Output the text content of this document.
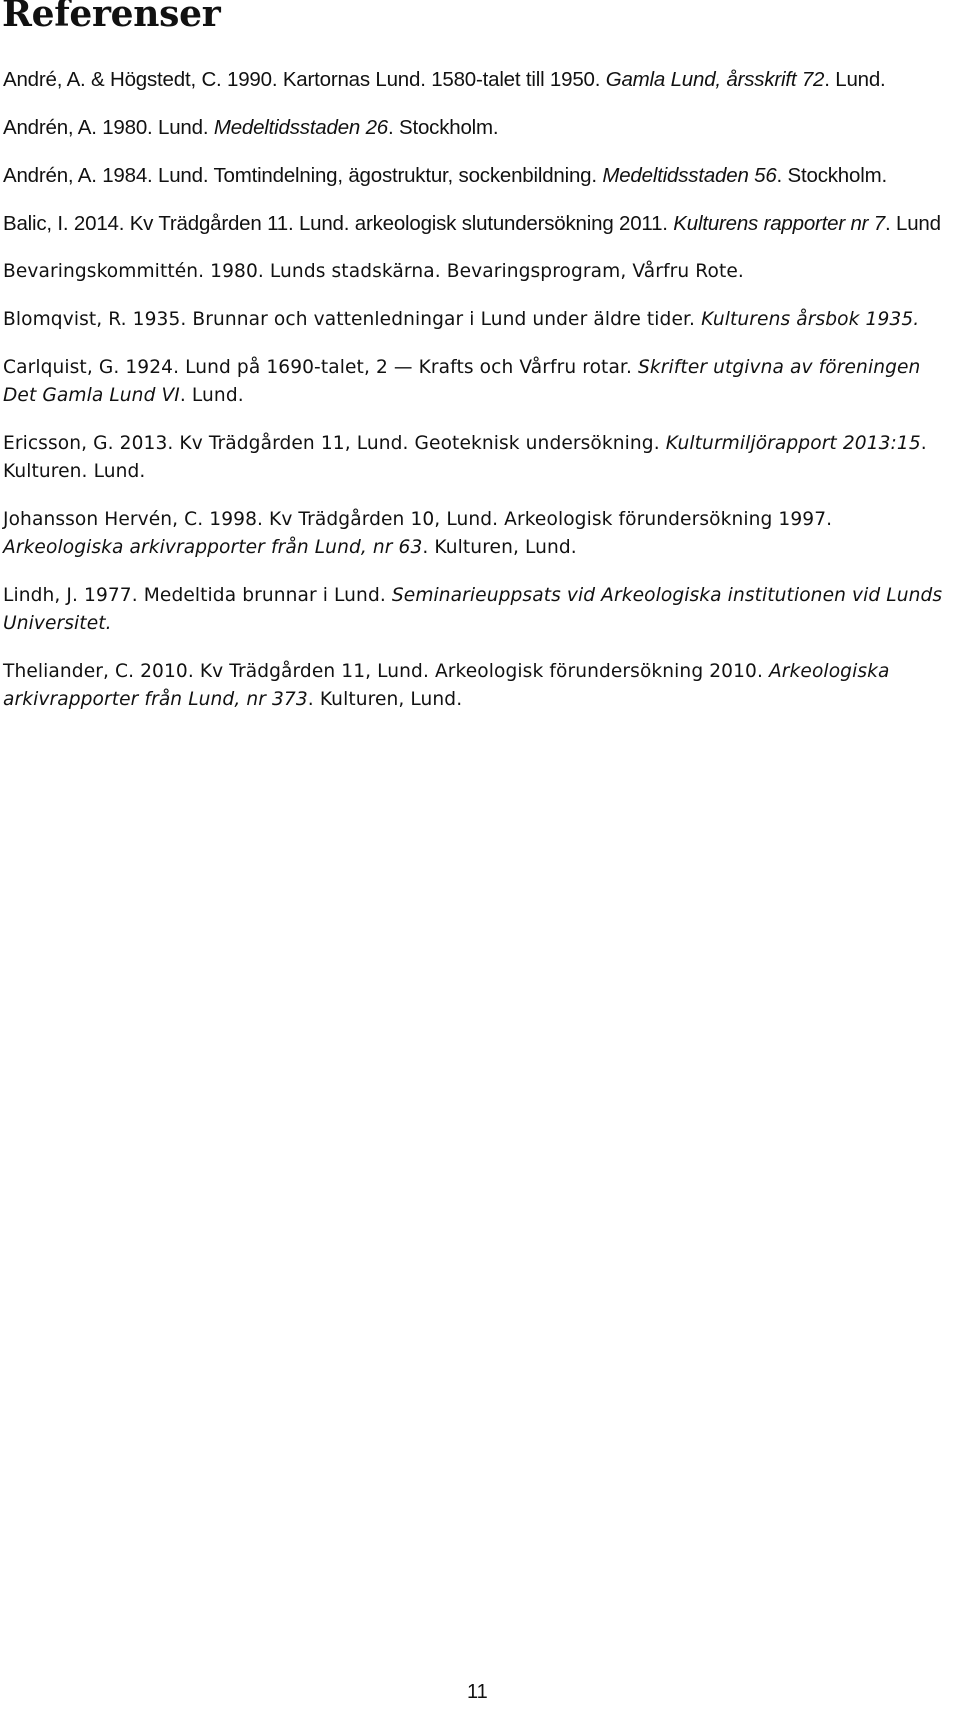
Referenser
André, A. & Högstedt, C. 1990. Kartornas Lund. 1580-talet till 1950. Gamla Lund, årsskrift 72. Lund.
Andrén, A. 1980. Lund. Medeltidsstaden 26. Stockholm.
Andrén, A. 1984. Lund. Tomtindelning, ägostruktur, sockenbildning. Medeltidsstaden 56. Stockholm.
Balic, I. 2014. Kv Trädgården 11. Lund. arkeologisk slutundersökning 2011. Kulturens rapporter nr 7. Lund
Bevaringskommittén. 1980. Lunds stadskärna. Bevaringsprogram, Vårfru Rote.
Blomqvist, R. 1935. Brunnar och vattenledningar i Lund under äldre tider. Kulturens årsbok 1935.
Carlquist, G. 1924. Lund på 1690-talet, 2 — Krafts och Vårfru rotar. Skrifter utgivna av föreningen Det Gamla Lund VI. Lund.
Ericsson, G. 2013. Kv Trädgården 11, Lund. Geoteknisk undersökning. Kulturmiljörapport 2013:15. Kulturen. Lund.
Johansson Hervén, C. 1998. Kv Trädgården 10, Lund. Arkeologisk förundersökning 1997. Arkeologiska arkivrapporter från Lund, nr 63. Kulturen, Lund.
Lindh, J. 1977. Medeltida brunnar i Lund. Seminarieuppsats vid Arkeologiska institutionen vid Lunds Universitet.
Theliander, C. 2010. Kv Trädgården 11, Lund. Arkeologisk förundersökning 2010. Arkeologiska arkivrapporter från Lund, nr 373. Kulturen, Lund.
11
